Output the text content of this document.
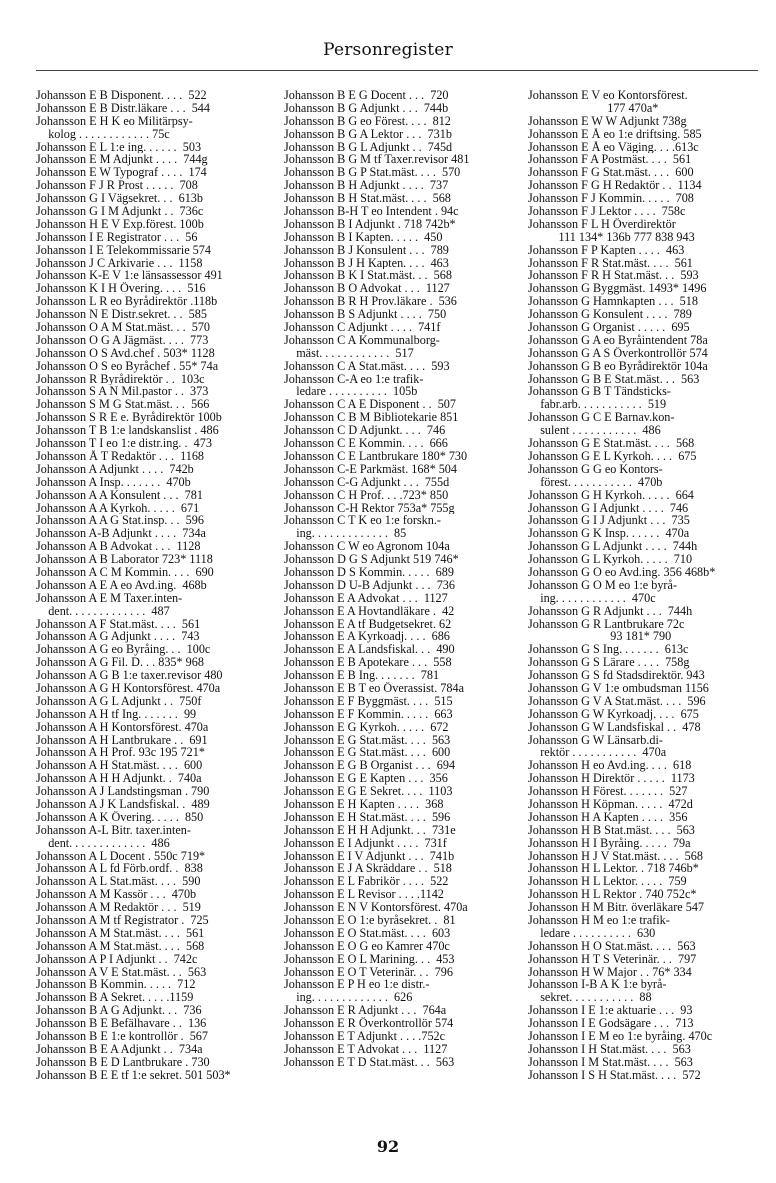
Personregister
Johansson E B Disponent. . . .  522
Johansson E B Distr.läkare . . .  544
Johansson E H K eo Militärpsy-
kolog . . . . . . . . . . . . 75c
Johansson E L 1:e ing. . . . . .  503
Johansson E M Adjunkt . . . .  744g
Johansson E W Typograf . . . .  174
Johansson F J R Prost . . . . .  708
Johansson G I Vägsekret. . .  613b
Johansson G I M Adjunkt . .  736c
Johansson H E V Exp.förest. 100b
Johansson I E Registrator . . .  56
Johansson I E Telekommissarie 574
Johansson J C Arkivarie . . .  1158
Johansson K-E V 1:e länsassessor 491
Johansson K I H Övering. . . .  516
Johansson L R eo Byrådirektör .118b
Johansson N E Distr.sekret. . .  585
Johansson O A M Stat.mäst. . .  570
Johansson O G A Jägmäst. . . .  773
Johansson O S Avd.chef . 503* 1128
Johansson O S eo Byråchef . 55* 74a
Johansson R Byrådirektör . .  103c
Johansson S A N Mil.pastor . .  373
Johansson S M G Stat.mäst. . .  566
Johansson S R E e. Byrådirektör 100b
Johansson T B 1:e landskanslist . 486
Johansson T I eo 1:e distr.ing. .  473
Johansson Å T Redaktör . . .  1168
Johansson A Adjunkt . . . .  742b
Johansson A Insp. . . . . . .  470b
Johansson A A Konsulent . . .  781
Johansson A A Kyrkoh. . . . .  671
Johansson A A G Stat.insp. . .  596
Johansson A-B Adjunkt . . . .  734a
Johansson A B Advokat . . .  1128
Johansson A B Laborator 723* 1118
Johansson A C M Kommin. . . .  690
Johansson A E A eo Avd.ing.  468b
Johansson A E M Taxer.inten-
dent. . . . . . . . . . . . .  487
Johansson A F Stat.mäst. . . .  561
Johansson A G Adjunkt . . . .  743
Johansson A G eo Byråing. . .  100c
Johansson A G Fil. D. . . 835* 968
Johansson A G B 1:e taxer.revisor 480
Johansson A G H Kontorsförest. 470a
Johansson A G L Adjunkt . .  750f
Johansson A H tf Ing. . . . . . .  99
Johansson A H Kontorsförest. 470a
Johansson A H Lantbrukare . .  691
Johansson A H Prof. 93c 195 721*
Johansson A H Stat.mäst. . . .  600
Johansson A H H Adjunkt. .  740a
Johansson A J Landstingsman . 790
Johansson A J K Landsfiskal. .  489
Johansson A K Övering. . . . .  850
Johansson A-L Bitr. taxer.inten-
dent. . . . . . . . . . . . .  486
Johansson A L Docent . 550c 719*
Johansson A L fd Förb.ordf. .  838
Johansson A L Stat.mäst. . . .  590
Johansson A M Kassör . . .  470b
Johansson A M Redaktör . . .  519
Johansson A M tf Registrator .  725
Johansson A M Stat.mäst. . . .  561
Johansson A M Stat.mäst. . . .  568
Johansson A P I Adjunkt . .  742c
Johansson A V E Stat.mäst. . .  563
Johansson B Kommin. . . . .  712
Johansson B A Sekret. . . . .1159
Johansson B A G Adjunkt. . .  736
Johansson B E Befälhavare . .  136
Johansson B E 1:e kontrollör .  567
Johansson B E A Adjunkt . .  734a
Johansson B E D Lantbrukare . 730
Johansson B E E tf 1:e sekret. 501 503*
Johansson B E G Docent . . .  720
Johansson B G Adjunkt . . .  744b
Johansson B G eo Förest. . . .  812
Johansson B G A Lektor . . .  731b
Johansson B G L Adjunkt . .  745d
Johansson B G M tf Taxer.revisor 481
Johansson B G P Stat.mäst. . . .  570
Johansson B H Adjunkt . . . .  737
Johansson B H Stat.mäst. . . .  568
Johansson B-H T eo Intendent . 94c
Johansson B I Adjunkt . 718 742b*
Johansson B I Kapten. . . . .  450
Johansson B J Konsulent . . .  789
Johansson B J H Kapten. . . .  463
Johansson B K I Stat.mäst. . .  568
Johansson B O Advokat . . .  1127
Johansson B R H Prov.läkare .  536
Johansson B S Adjunkt . . . .  750
Johansson C Adjunkt . . . .  741f
Johansson C A Kommunalborg-
mäst. . . . . . . . . . . .  517
Johansson C A Stat.mäst. . . .  593
Johansson C-A eo 1:e trafik-
ledare . . . . . . . . . .  105b
Johansson C A E Disponent . .  507
Johansson C B M Bibliotekarie 851
Johansson C D Adjunkt. . . .  746
Johansson C E Kommin. . . .  666
Johansson C E Lantbrukare 180* 730
Johansson C-E Parkmäst. 168* 504
Johansson C-G Adjunkt . . .  755d
Johansson C H Prof. . . .723* 850
Johansson C-H Rektor 753a* 755g
Johansson C T K eo 1:e forskn.-
ing. . . . . . . . . . . . .  85
Johansson C W eo Agronom 104a
Johansson D G S Adjunkt 519 746*
Johansson D S Kommin. . . . .  689
Johansson D U-B Adjunkt . . .  736
Johansson E A Advokat . . .  1127
Johansson E A Hovtandläkare .  42
Johansson E A tf Budgetsekret. 62
Johansson E A Kyrkoadj. . . .  686
Johansson E A Landsfiskal. . .  490
Johansson E B Apotekare . . .  558
Johansson E B Ing. . . . . . .  781
Johansson E B T eo Överassist. 784a
Johansson E F Byggmäst. . . .  515
Johansson E F Kommin. . . . .  663
Johansson E G Kyrkoh. . . . .  672
Johansson E G Stat.mäst. . . .  563
Johansson E G Stat.mäst. . . .  600
Johansson E G B Organist . . .  694
Johansson E G E Kapten . . .  356
Johansson E G E Sekret. . . .  1103
Johansson E H Kapten . . . .  368
Johansson E H Stat.mäst. . . .  596
Johansson E H H Adjunkt. . .  731e
Johansson E I Adjunkt . . . .  731f
Johansson E I V Adjunkt . . .  741b
Johansson E J A Skräddare . .  518
Johansson E L Fabrikör . . . .  522
Johansson E L Revisor . . . .1142
Johansson E N V Kontorsförest. 470a
Johansson E O 1:e byråsekret. .  81
Johansson E O Stat.mäst. . . .  603
Johansson E O G eo Kamrer 470c
Johansson E O L Marining. . .  453
Johansson E O T Veterinär. . .  796
Johansson E P H eo 1:e distr.-
ing. . . . . . . . . . . . .  626
Johansson E R Adjunkt . . .  764a
Johansson E R Överkontrollör 574
Johansson E T Adjunkt . . . .752c
Johansson E T Advokat . . .  1127
Johansson E T D Stat.mäst. . .  563
Johansson E V eo Kontorsförest.
177 470a*
Johansson E W W Adjunkt 738g
Johansson E Å eo 1:e driftsing. 585
Johansson E Å eo Väging. . . .613c
Johansson F A Postmäst. . . .  561
Johansson F G Stat.mäst. . . .  600
Johansson F G H Redaktör . .  1134
Johansson F J Kommin. . . . .  708
Johansson F J Lektor . . . .  758c
Johansson F L H Överdirektör
111 134* 136b 777 838 943
Johansson F P Kapten . . . .  463
Johansson F R Stat.mäst. . . .  561
Johansson F R H Stat.mäst. . .  593
Johansson G Byggmäst. 1493* 1496
Johansson G Hamnkapten . . .  518
Johansson G Konsulent . . . .  789
Johansson G Organist . . . . .  695
Johansson G A eo Byråintendent 78a
Johansson G A S Överkontrollör 574
Johansson G B eo Byrådirektör 104a
Johansson G B E Stat.mäst. . .  563
Johansson G B T Tändsticks-
fabr.arb. . . . . . . . . . .  519
Johansson G C E Barnav.kon-
sulent . . . . . . . . . . .  486
Johansson G E Stat.mäst. . . .  568
Johansson G E L Kyrkoh. . . .  675
Johansson G G eo Kontors-
förest. . . . . . . . . . .  470b
Johansson G H Kyrkoh. . . . .  664
Johansson G I Adjunkt . . . .  746
Johansson G I J Adjunkt . . .  735
Johansson G K Insp. . . . . .  470a
Johansson G L Adjunkt . . . .  744h
Johansson G L Kyrkoh. . . . .  710
Johansson G O eo Avd.ing. 356 468b*
Johansson G O M eo 1:e byrå-
ing. . . . . . . . . . . .  470c
Johansson G R Adjunkt . . .  744h
Johansson G R Lantbrukare 72c
93 181* 790
Johansson G S Ing. . . . . . .  613c
Johansson G S Lärare . . . .  758g
Johansson G S fd Stadsdirektör. 943
Johansson G V 1:e ombudsman 1156
Johansson G V A Stat.mäst. . . .  596
Johansson G W Kyrkoadj. . . .  675
Johansson G W Landsfiskal . .  478
Johansson G W Länsarb.di-
rektör . . . . . . . . . . .  470a
Johansson H eo Avd.ing. . . .  618
Johansson H Direktör . . . . .  1173
Johansson H Förest. . . . . . .  527
Johansson H Köpman. . . . .  472d
Johansson H A Kapten . . . .  356
Johansson H B Stat.mäst. . . .  563
Johansson H I Byråing. . . . .  79a
Johansson H J V Stat.mäst. . . .  568
Johansson H L Lektor. . 718 746b*
Johansson H L Lektor. . . . .  759
Johansson H L Rektor . 740 752c*
Johansson H M Bitr. överläkare 547
Johansson H M eo 1:e trafik-
ledare . . . . . . . . . .  630
Johansson H O Stat.mäst. . . .  563
Johansson H T S Veterinär. . .  797
Johansson H W Major . . 76* 334
Johansson I-B A K 1:e byrå-
sekret. . . . . . . . . . .  88
Johansson I E 1:e aktuarie . . .  93
Johansson I E Godsägare . . .  713
Johansson I E M eo 1:e byråing. 470c
Johansson I H Stat.mäst. . . .  563
Johansson I M Stat.mäst. . . .  563
Johansson I S H Stat.mäst. . . .  572
92
